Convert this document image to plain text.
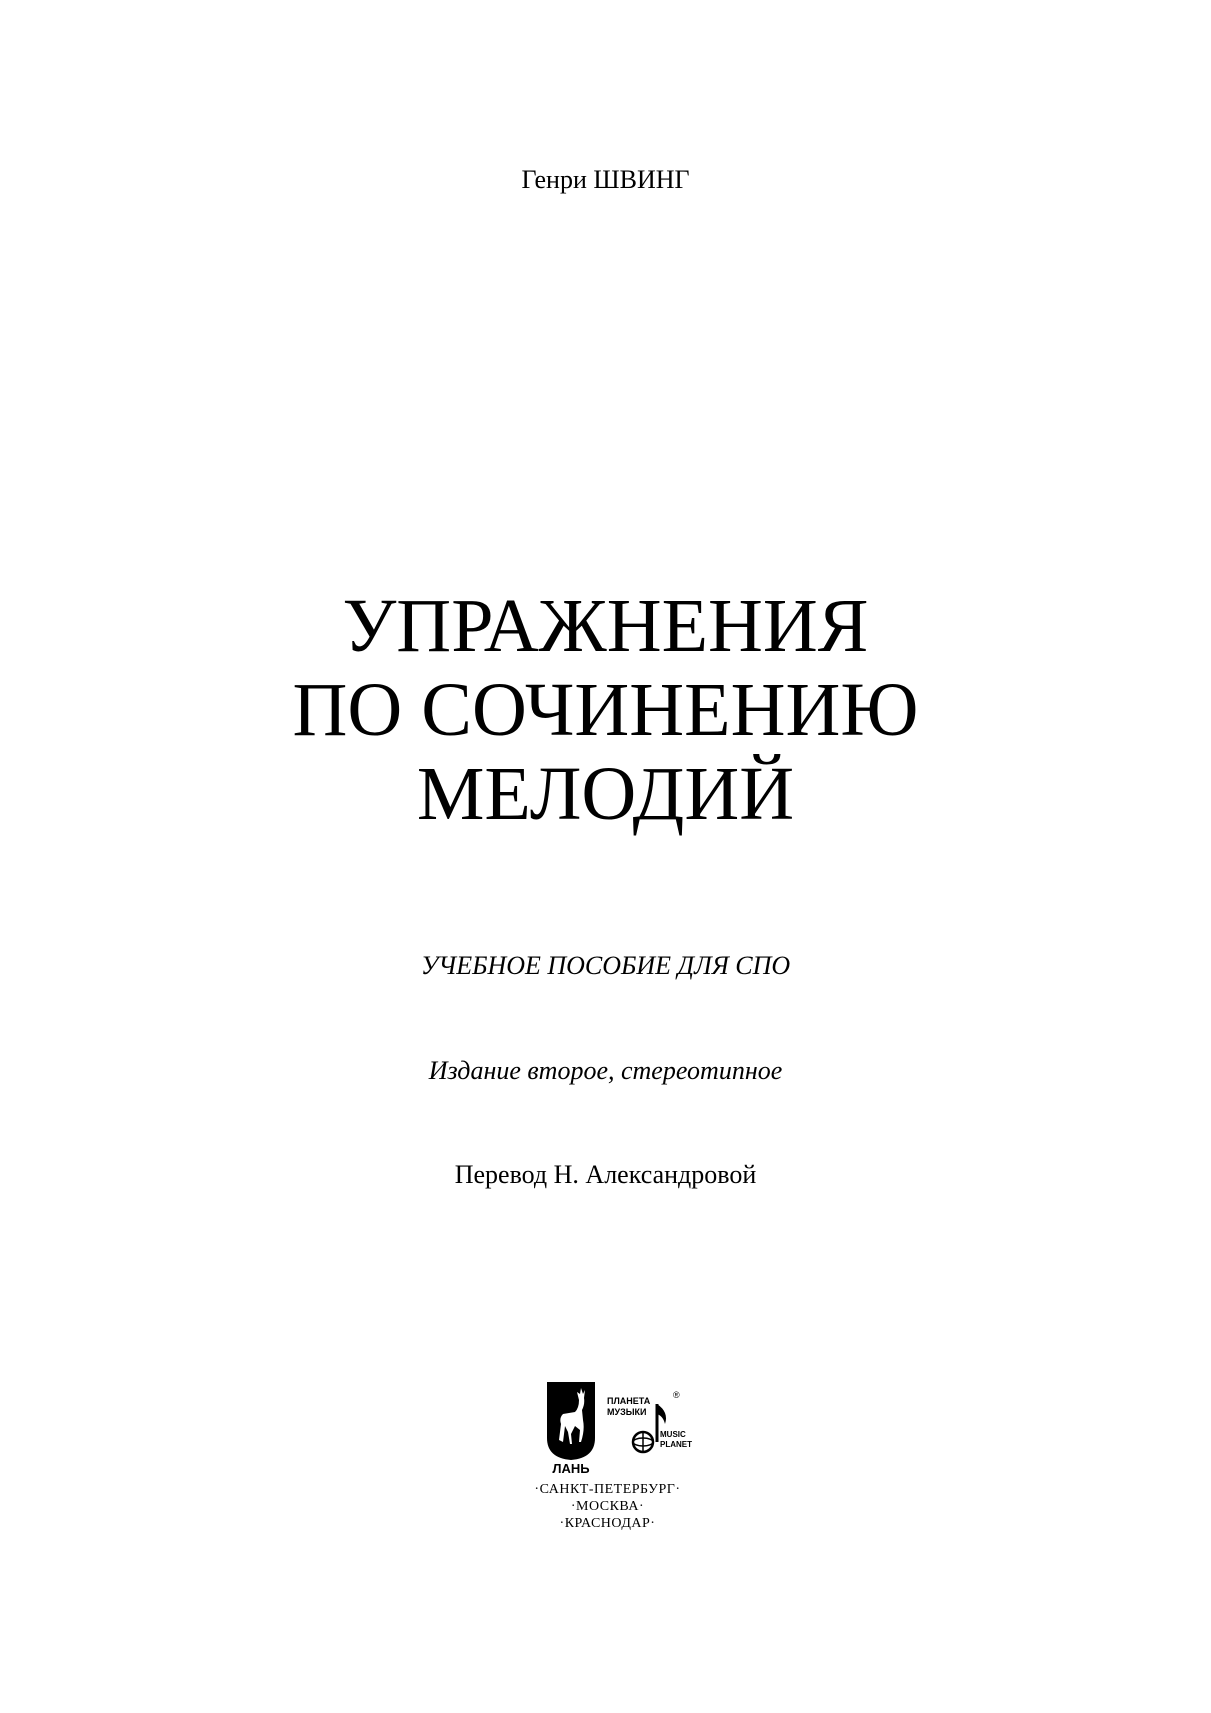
Генри ШВИНГ
УПРАЖНЕНИЯ
ПО СОЧИНЕНИЮ
МЕЛОДИЙ
УЧЕБНОЕ ПОСОБИЕ ДЛЯ СПО
Издание второе, стереотипное
Перевод Н. Александровой
ЛАНЬ
ПЛАНЕТА
МУЗЫКИ
®
MUSIC
PLANET
·САНКТ-ПЕТЕРБУРГ·
·МОСКВА·
·КРАСНОДАР·
